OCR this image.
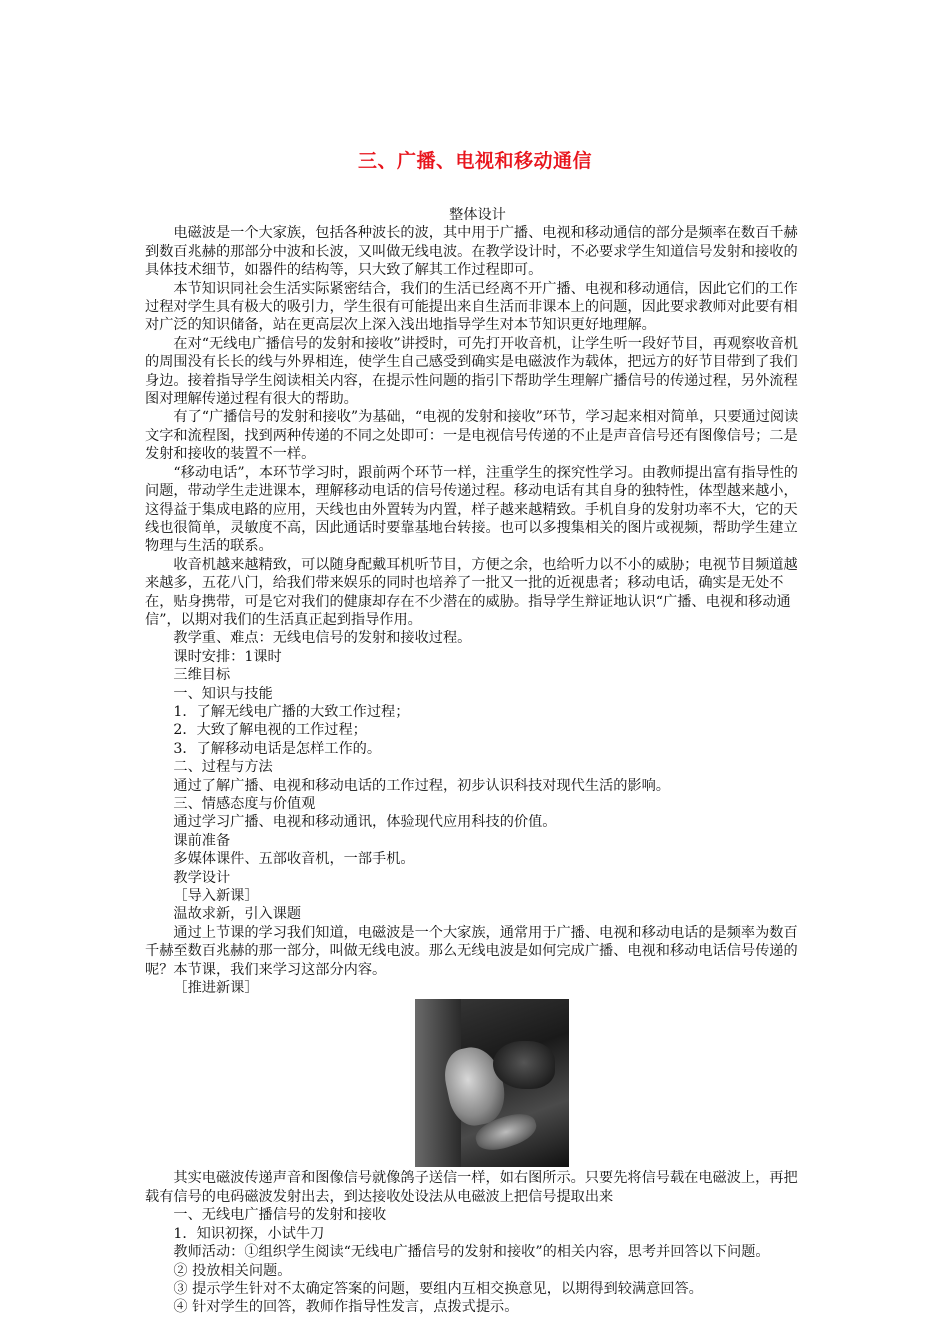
三、广播、电视和移动通信

整体设计

电磁波是一个大家族，包括各种波长的波，其中用于广播、电视和移动通信的部分是频率在数百千赫到数百兆赫的那部分中波和长波，又叫做无线电波。在教学设计时，不必要求学生知道信号发射和接收的具体技术细节，如器件的结构等，只大致了解其工作过程即可。

本节知识同社会生活实际紧密结合，我们的生活已经离不开广播、电视和移动通信，因此它们的工作过程对学生具有极大的吸引力，学生很有可能提出来自生活而非课本上的问题，因此要求教师对此要有相对广泛的知识储备，站在更高层次上深入浅出地指导学生对本节知识更好地理解。

在对“无线电广播信号的发射和接收”讲授时，可先打开收音机，让学生听一段好节目，再观察收音机的周围没有长长的线与外界相连，使学生自己感受到确实是电磁波作为载体，把远方的好节目带到了我们身边。接着指导学生阅读相关内容，在提示性问题的指引下帮助学生理解广播信号的传递过程，另外流程图对理解传递过程有很大的帮助。

有了“广播信号的发射和接收”为基础，“电视的发射和接收”环节，学习起来相对简单，只要通过阅读文字和流程图，找到两种传递的不同之处即可：一是电视信号传递的不止是声音信号还有图像信号；二是发射和接收的装置不一样。

“移动电话”，本环节学习时，跟前两个环节一样，注重学生的探究性学习。由教师提出富有指导性的问题，带动学生走进课本，理解移动电话的信号传递过程。移动电话有其自身的独特性，体型越来越小，这得益于集成电路的应用，天线也由外置转为内置，样子越来越精致。手机自身的发射功率不大，它的天线也很简单，灵敏度不高，因此通话时要靠基地台转接。也可以多搜集相关的图片或视频，帮助学生建立物理与生活的联系。

收音机越来越精致，可以随身配戴耳机听节目，方便之余，也给听力以不小的威胁；电视节目频道越来越多，五花八门，给我们带来娱乐的同时也培养了一批又一批的近视患者；移动电话，确实是无处不在，贴身携带，可是它对我们的健康却存在不少潜在的威胁。指导学生辩证地认识“广播、电视和移动通信”，以期对我们的生活真正起到指导作用。

教学重、难点：无线电信号的发射和接收过程。

课时安排：1课时

三维目标

一、知识与技能

1．了解无线电广播的大致工作过程；

2．大致了解电视的工作过程；

3．了解移动电话是怎样工作的。

二、过程与方法

通过了解广播、电视和移动电话的工作过程，初步认识科技对现代生活的影响。

三、情感态度与价值观

通过学习广播、电视和移动通讯，体验现代应用科技的价值。

课前准备

多媒体课件、五部收音机，一部手机。

教学设计

［导入新课］

温故求新，引入课题

通过上节课的学习我们知道，电磁波是一个大家族，通常用于广播、电视和移动电话的是频率为数百千赫至数百兆赫的那一部分，叫做无线电波。那么无线电波是如何完成广播、电视和移动电话信号传递的呢？本节课，我们来学习这部分内容。

［推进新课］

其实电磁波传递声音和图像信号就像鸽子送信一样，如右图所示。只要先将信号载在电磁波上，再把载有信号的电码磁波发射出去，到达接收处设法从电磁波上把信号提取出来

一、无线电广播信号的发射和接收

1．知识初探，小试牛刀

教师活动：①组织学生阅读“无线电广播信号的发射和接收”的相关内容，思考并回答以下问题。

② 投放相关问题。

③ 提示学生针对不太确定答案的问题，要组内互相交换意见，以期得到较满意回答。

④ 针对学生的回答，教师作指导性发言，点拨式提示。
